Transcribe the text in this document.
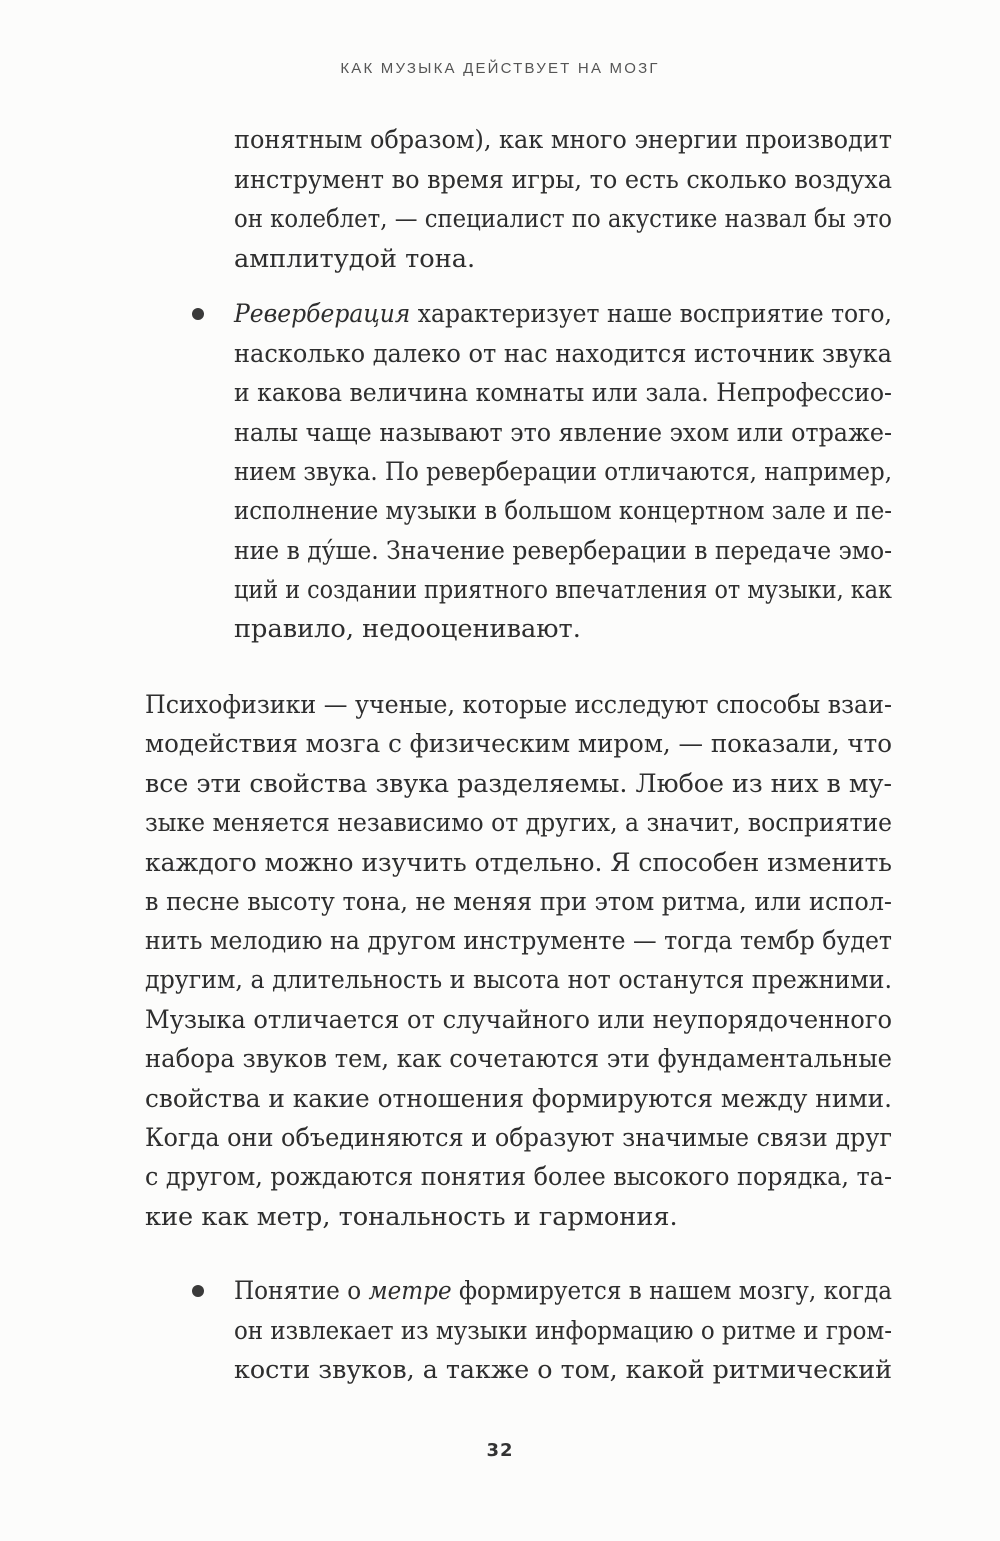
КАК МУЗЫКА ДЕЙСТВУЕТ НА МОЗГ
понятным образом), как много энергии производит
инструмент во время игры, то есть сколько воздуха
он колеблет, — специалист по акустике назвал бы это
амплитудой тона.
Реверберация характеризует наше восприятие того,
насколько далеко от нас находится источник звука
и какова величина комнаты или зала. Непрофессио-
налы чаще называют это явление эхом или отраже-
нием звука. По реверберации отличаются, например,
исполнение музыки в большом концертном зале и пе-
ние в ду́ше. Значение реверберации в передаче эмо-
ций и создании приятного впечатления от музыки, как
правило, недооценивают.
Психофизики — ученые, которые исследуют способы взаи-
модействия мозга с физическим миром, — показали, что
все эти свойства звука разделяемы. Любое из них в му-
зыке меняется независимо от других, а значит, восприятие
каждого можно изучить отдельно. Я способен изменить
в песне высоту тона, не меняя при этом ритма, или испол-
нить мелодию на другом инструменте — тогда тембр будет
другим, а длительность и высота нот останутся прежними.
Музыка отличается от случайного или неупорядоченного
набора звуков тем, как сочетаются эти фундаментальные
свойства и какие отношения формируются между ними.
Когда они объединяются и образуют значимые связи друг
с другом, рождаются понятия более высокого порядка, та-
кие как метр, тональность и гармония.
Понятие о метре формируется в нашем мозгу, когда
он извлекает из музыки информацию о ритме и гром-
кости звуков, а также о том, какой ритмический
32
